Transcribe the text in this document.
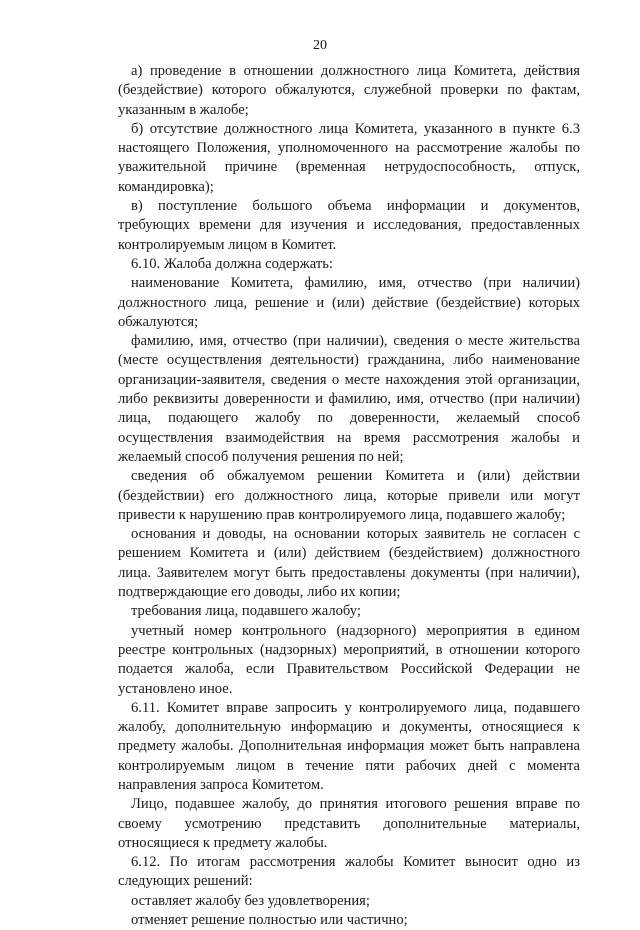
20

а) проведение в отношении должностного лица Комитета, действия (бездействие) которого обжалуются, служебной проверки по фактам, указанным в жалобе;

б) отсутствие должностного лица Комитета, указанного в пункте 6.3 настоящего Положения, уполномоченного на рассмотрение жалобы по уважительной причине (временная нетрудоспособность, отпуск, командировка);

в) поступление большого объема информации и документов, требующих времени для изучения и исследования, предоставленных контролируемым лицом в Комитет.

6.10. Жалоба должна содержать:

наименование Комитета, фамилию, имя, отчество (при наличии) должностного лица, решение и (или) действие (бездействие) которых обжалуются;

фамилию, имя, отчество (при наличии), сведения о месте жительства (месте осуществления деятельности) гражданина, либо наименование организации-заявителя, сведения о месте нахождения этой организации, либо реквизиты доверенности и фамилию, имя, отчество (при наличии) лица, подающего жалобу по доверенности, желаемый способ осуществления взаимодействия на время рассмотрения жалобы и желаемый способ получения решения по ней;

сведения об обжалуемом решении Комитета и (или) действии (бездействии) его должностного лица, которые привели или могут привести к нарушению прав контролируемого лица, подавшего жалобу;

основания и доводы, на основании которых заявитель не согласен с решением Комитета и (или) действием (бездействием) должностного лица. Заявителем могут быть предоставлены документы (при наличии), подтверждающие его доводы, либо их копии;

требования лица, подавшего жалобу;

учетный номер контрольного (надзорного) мероприятия в едином реестре контрольных (надзорных) мероприятий, в отношении которого подается жалоба, если Правительством Российской Федерации не установлено иное.

6.11. Комитет вправе запросить у контролируемого лица, подавшего жалобу, дополнительную информацию и документы, относящиеся к предмету жалобы. Дополнительная информация может быть направлена контролируемым лицом в течение пяти рабочих дней с момента направления запроса Комитетом.

Лицо, подавшее жалобу, до принятия итогового решения вправе по своему усмотрению представить дополнительные материалы, относящиеся к предмету жалобы.

6.12. По итогам рассмотрения жалобы Комитет выносит одно из следующих решений:

оставляет жалобу без удовлетворения;

отменяет решение полностью или частично;
